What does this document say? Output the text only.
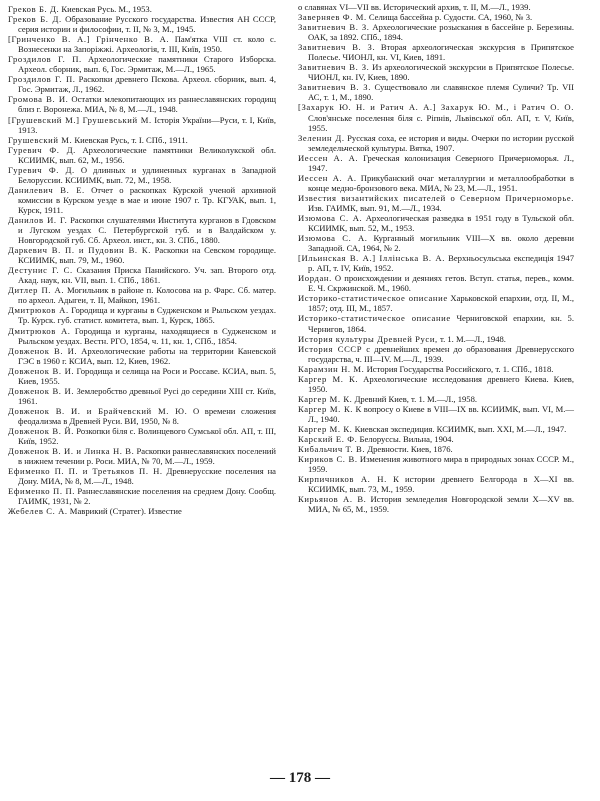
Греков Б. Д. Киевская Русь. М., 1953.

Греков Б. Д. Образование Русского государства. Известия АН СССР, серия истории и философии, т. II, № 3, М., 1945.

[Гринченко В. А.] Грінченко В. А. Пам'ятка VIII ст. коло с. Вознесенки на Запоріжжі. Археологія, т. III, Київ, 1950.

Гроздилов Г. П. Археологические памятники Старого Изборска. Археол. сборник, вып. 6, Гос. Эрмитаж, М.—Л., 1965.

Гроздилов Г. П. Раскопки древнего Пскова. Археол. сборник, вып. 4, Гос. Эрмитаж, Л., 1962.

Громова В. И. Остатки млекопитающих из раннеславянских городищ близ г. Воронежа. МИА, № 8, М.—Л., 1948.

[Грушевский М.] Грушевський М. Історія України—Руси, т. I, Київ, 1913.

Грушевский М. Киевская Русь, т. I. СПб., 1911.

Гуревич Ф. Д. Археологические памятники Великолукской обл. КСИИМК, вып. 62, М., 1956.

Гуревич Ф. Д. О длинных и удлиненных курганах в Западной Белоруссии. КСИИМК, вып. 72, М., 1958.

Данилевич В. Е. Отчет о раскопках Курской ученой архивной комиссии в Курском уезде в мае и июне 1907 г. Тр. КГУАК, вып. 1, Курск, 1911.

Данилов И. Г. Раскопки слушателями Института курганов в Гдовском и Лугском уездах С. Петербургской губ. и в Валдайском у. Новгородской губ. Сб. Археол. инст., кн. 3. СПб., 1880.

Даркевич В. П. и Пудовин В. К. Раскопки на Севском городище. КСИИМК, вып. 79, М., 1960.

Дестунис Г. С. Сказания Приска Панийского. Уч. зап. Второго отд. Акад. наук, кн. VII, вып. 1. СПб., 1861.

Дитлер П. А. Могильник в районе п. Колосова на р. Фарс. Сб. матер. по археол. Адыгеи, т. II, Майкоп, 1961.

Дмитрюков А. Городища и курганы в Судженском и Рыльском уездах. Тр. Курск. губ. статист. комитета, вып. 1, Курск, 1865.

Дмитрюков А. Городища и курганы, находящиеся в Судженском и Рыльском уездах. Вестн. РГО, 1854, ч. 11, кн. 1, СПб., 1854.

Довженок В. И. Археологические работы на территории Каневской ГЭС в 1960 г. КСИА, вып. 12, Киев, 1962.

Довженок В. И. Городища и селища на Роси и Россаве. КСИА, вып. 5, Киев, 1955.

Довженок В. И. Землеробство древньої Русі до середини XIII ст. Київ, 1961.

Довженок В. И. и Брайчевский М. Ю. О времени сложения феодализма в Древней Руси. ВИ, 1950, № 8.

Довженок В. Й. Розкопки біля с. Волинцевого Сумської обл. АП, т. III, Київ, 1952.

Довженок В. И. и Линка Н. В. Раскопки раннеславянских поселений в нижнем течении р. Роси. МИА, № 70, М.—Л., 1959.

Ефименко П. П. и Третьяков П. Н. Древнерусские поселения на Дону. МИА, № 8, М.—Л., 1948.

Ефименко П. П. Раннеславянские поселения на среднем Дону. Сообщ. ГАИМК, 1931, № 2.

Жебелев С. А. Маврикий (Стратег). Известие

о славянах VI—VII вв. Исторический архив, т. II, М.—Л., 1939.

Заверняев Ф. М. Селища бассейна р. Судости. СА, 1960, № 3.

Завитневич В. З. Археологические розыскания в бассейне р. Березины. ОАК, за 1892. СПб., 1894.

Завитневич В. З. Вторая археологическая экскурсия в Припятское Полесье. ЧИОНЛ, кн. VI, Киев, 1891.

Завитневич В. З. Из археологической экскурсии в Припятское Полесье. ЧИОНЛ, кн. IV, Киев, 1890.

Завитневич В. З. Существовало ли славянское племя Суличи? Тр. VII АС, т. 1, М., 1890.

[Захарук Ю. Н. и Ратич А. А.] Захарук Ю. М., і Ратич О. О. Слов'янське поселення біля с. Ріпнів, Львівської обл. АП, т. V, Київ, 1955.

Зеленин Д. Русская соха, ее история и виды. Очерки по истории русской земледельческой культуры. Вятка, 1907.

Иессен А. А. Греческая колонизация Северного Причерноморья. Л., 1947.

Иессен А. А. Прикубанский очаг металлургии и металлообработки в конце медно-бронзового века. МИА, № 23, М.—Л., 1951.

Известия византийских писателей о Северном Причерноморье. Изв. ГАИМК, вып. 91, М.—Л., 1934.

Изюмова С. А. Археологическая разведка в 1951 году в Тульской обл. КСИИМК, вып. 52, М., 1953.

Изюмова С. А. Курганный могильник VIII—X вв. около деревни Западной. СА, 1964, № 2.

[Ильинская В. А.] Іллінська В. А. Верхньосульська експедиція 1947 р. АП, т. IV, Київ, 1952.

Иордан. О происхождении и деяниях гетов. Вступ. статья, перев., комм. Е. Ч. Скржинской. М., 1960.

Историко-статистическое описание Харьковской епархии, отд. II, М., 1857; отд. III, М., 1857.

Историко-статистическое описание Черниговской епархии, кн. 5. Чернигов, 1864.

История культуры Древней Руси, т. 1. М.—Л., 1948.

История СССР с древнейших времен до образования Древнерусского государства, ч. III—IV. М.—Л., 1939.

Карамзин Н. М. История Государства Российского, т. 1. СПб., 1818.

Каргер М. К. Археологические исследования древнего Киева. Киев, 1950.

Каргер М. К. Древний Киев, т. 1. М.—Л., 1958.

Каргер М. К. К вопросу о Киеве в VIII—IX вв. КСИИМК, вып. VI, М.—Л., 1940.

Каргер М. К. Киевская экспедиция. КСИИМК, вып. XXI, М.—Л., 1947.

Карский Е. Ф. Белоруссы. Вильна, 1904.

Кибальчич Т. В. Древности. Киев, 1876.

Кириков С. В. Изменения животного мира в природных зонах СССР. М., 1959.

Кирпичников А. Н. К истории древнего Белгорода в X—XI вв. КСИИМК, вып. 73, М., 1959.

Кирьянов А. В. История земледелия Новгородской земли X—XV вв. МИА, № 65, М., 1959.

— 178 —
